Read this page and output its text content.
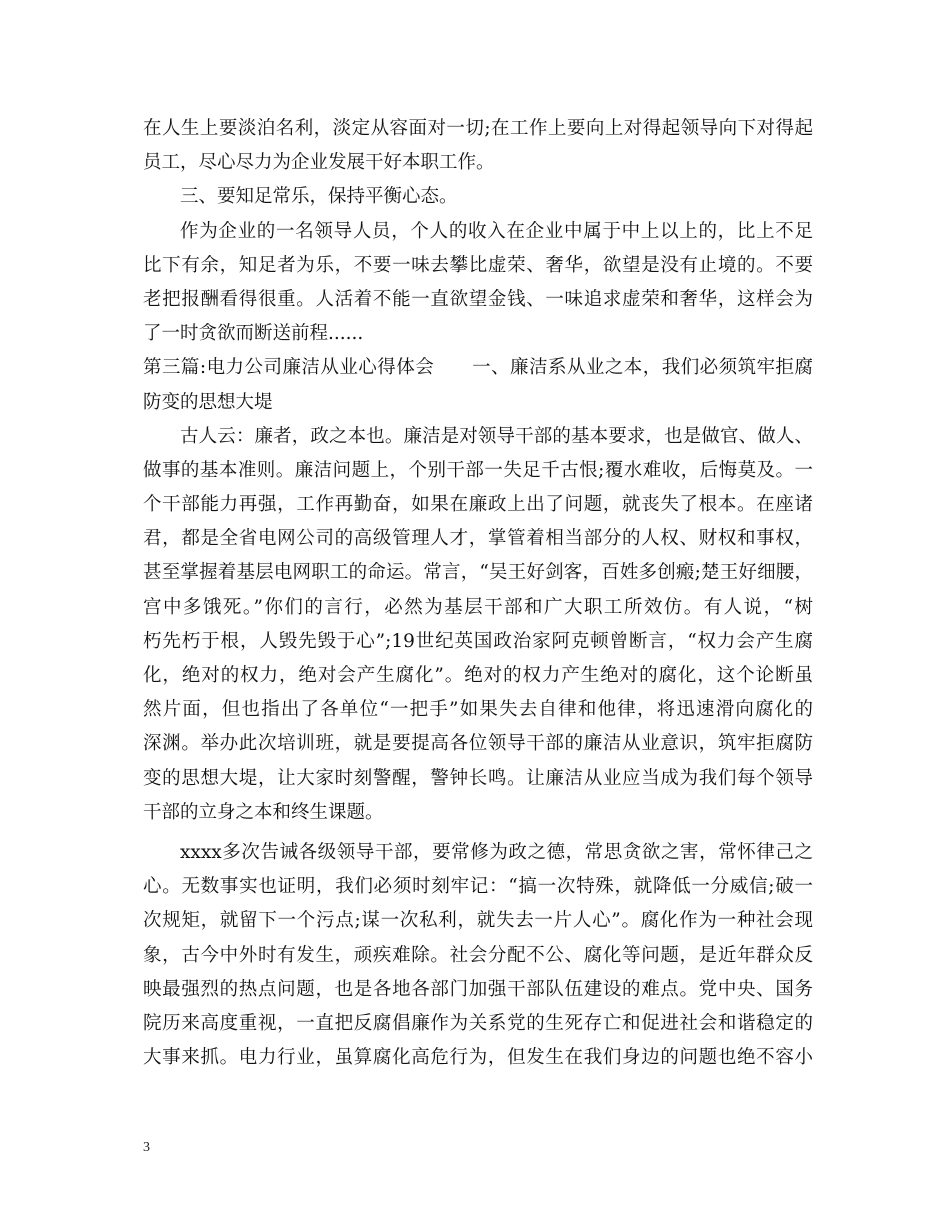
在人生上要淡泊名利，淡定从容面对一切;在工作上要向上对得起领导向下对得起
员工，尽心尽力为企业发展干好本职工作。
三、要知足常乐，保持平衡心态。
作为企业的一名领导人员，个人的收入在企业中属于中上以上的，比上不足
比下有余，知足者为乐，不要一味去攀比虚荣、奢华，欲望是没有止境的。不要
老把报酬看得很重。人活着不能一直欲望金钱、一味追求虚荣和奢华，这样会为
了一时贪欲而断送前程......
第三篇:电力公司廉洁从业心得体会　　一、廉洁系从业之本，我们必须筑牢拒腐
防变的思想大堤
古人云：廉者，政之本也。廉洁是对领导干部的基本要求，也是做官、做人、
做事的基本准则。廉洁问题上，个别干部一失足千古恨;覆水难收，后悔莫及。一
个干部能力再强，工作再勤奋，如果在廉政上出了问题，就丧失了根本。在座诸
君，都是全省电网公司的高级管理人才，掌管着相当部分的人权、财权和事权，
甚至掌握着基层电网职工的命运。常言，“吴王好剑客，百姓多创瘢;楚王好细腰，
宫中多饿死。”你们的言行，必然为基层干部和广大职工所效仿。有人说，“树
朽先朽于根，人毁先毁于心”;19世纪英国政治家阿克顿曾断言，“权力会产生腐
化，绝对的权力，绝对会产生腐化”。绝对的权力产生绝对的腐化，这个论断虽
然片面，但也指出了各单位“一把手”如果失去自律和他律，将迅速滑向腐化的
深渊。举办此次培训班，就是要提高各位领导干部的廉洁从业意识，筑牢拒腐防
变的思想大堤，让大家时刻警醒，警钟长鸣。让廉洁从业应当成为我们每个领导
干部的立身之本和终生课题。
xxxx多次告诫各级领导干部，要常修为政之德，常思贪欲之害，常怀律己之
心。无数事实也证明，我们必须时刻牢记：“搞一次特殊，就降低一分威信;破一
次规矩，就留下一个污点;谋一次私利，就失去一片人心”。腐化作为一种社会现
象，古今中外时有发生，顽疾难除。社会分配不公、腐化等问题，是近年群众反
映最强烈的热点问题，也是各地各部门加强干部队伍建设的难点。党中央、国务
院历来高度重视，一直把反腐倡廉作为关系党的生死存亡和促进社会和谐稳定的
大事来抓。电力行业，虽算腐化高危行为，但发生在我们身边的问题也绝不容小
3
